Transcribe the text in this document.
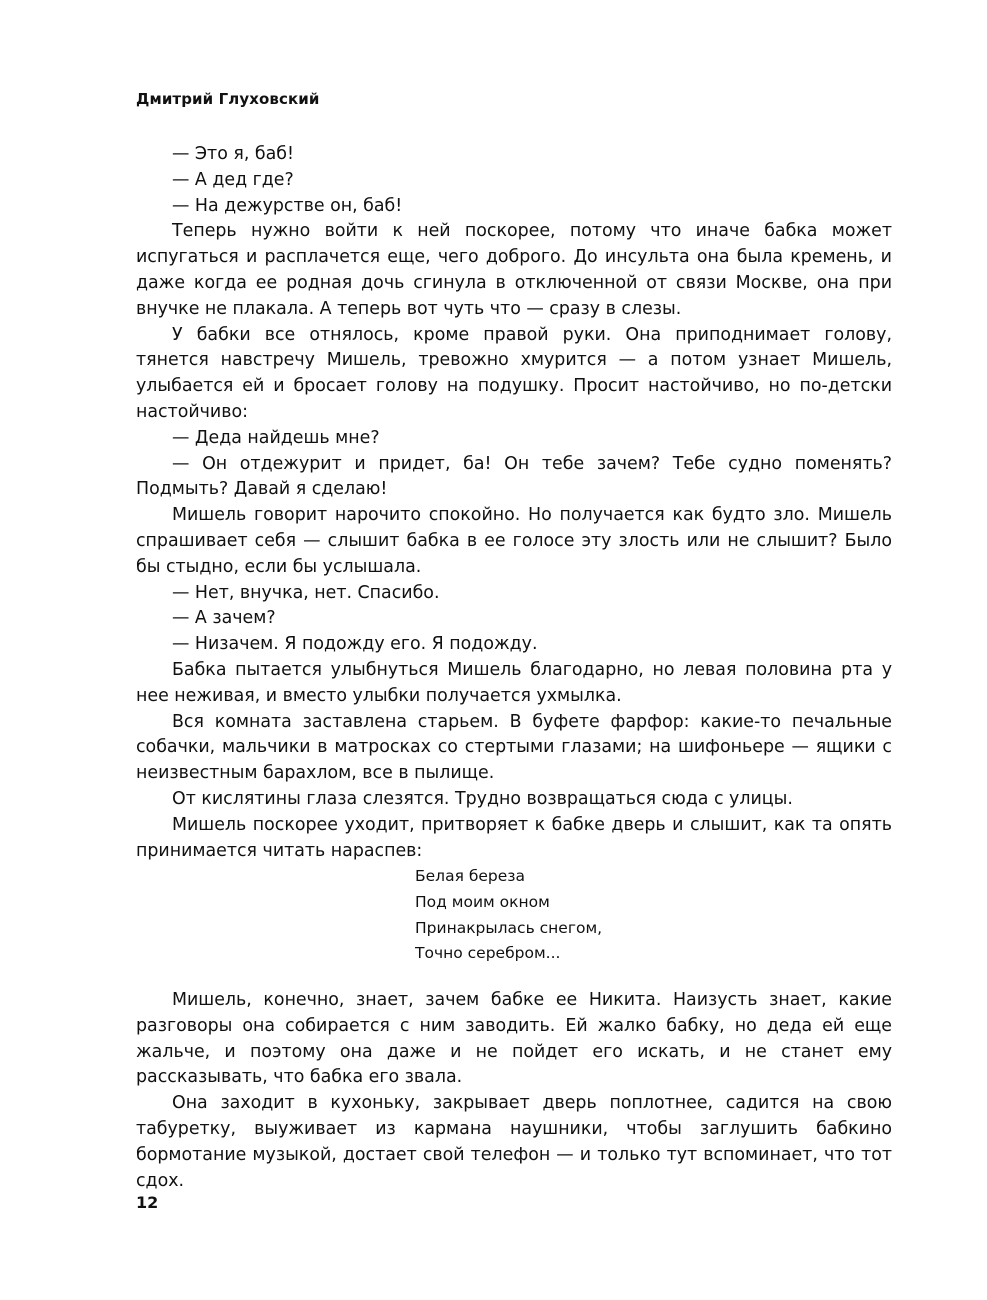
Дмитрий Глуховский

— Это я, баб!

— А дед где?

— На дежурстве он, баб!

Теперь нужно войти к ней поскорее, потому что иначе бабка может испугаться и расплачется еще, чего доброго. До инсульта она была кремень, и даже когда ее родная дочь сгинула в отключенной от связи Москве, она при внучке не плакала. А теперь вот чуть что — сразу в слезы.

У бабки все отнялось, кроме правой руки. Она приподнимает голову, тянется навстречу Мишель, тревожно хмурится — а потом узнает Мишель, улыбается ей и бросает голову на подушку. Просит настойчиво, но по-детски настойчиво:

— Деда найдешь мне?

— Он отдежурит и придет, ба! Он тебе зачем? Тебе судно поменять? Подмыть? Давай я сделаю!

Мишель говорит нарочито спокойно. Но получается как будто зло. Мишель спрашивает себя — слышит бабка в ее голосе эту злость или не слышит? Было бы стыдно, если бы услышала.

— Нет, внучка, нет. Спасибо.

— А зачем?

— Низачем. Я подожду его. Я подожду.

Бабка пытается улыбнуться Мишель благодарно, но левая половина рта у нее неживая, и вместо улыбки получается ухмылка.

Вся комната заставлена старьем. В буфете фарфор: какие-то печальные собачки, мальчики в матросках со стертыми глазами; на шифоньере — ящики с неизвестным барахлом, все в пылище.

От кислятины глаза слезятся. Трудно возвращаться сюда с улицы.

Мишель поскорее уходит, притворяет к бабке дверь и слышит, как та опять принимается читать нараспев:

Белая береза
Под моим окном
Принакрылась снегом,
Точно серебром...

Мишель, конечно, знает, зачем бабке ее Никита. Наизусть знает, какие разговоры она собирается с ним заводить. Ей жалко бабку, но деда ей еще жальче, и поэтому она даже и не пойдет его искать, и не станет ему рассказывать, что бабка его звала.

Она заходит в кухоньку, закрывает дверь поплотнее, садится на свою табуретку, выуживает из кармана наушники, чтобы заглушить бабкино бормотание музыкой, достает свой телефон — и только тут вспоминает, что тот сдох.

12
